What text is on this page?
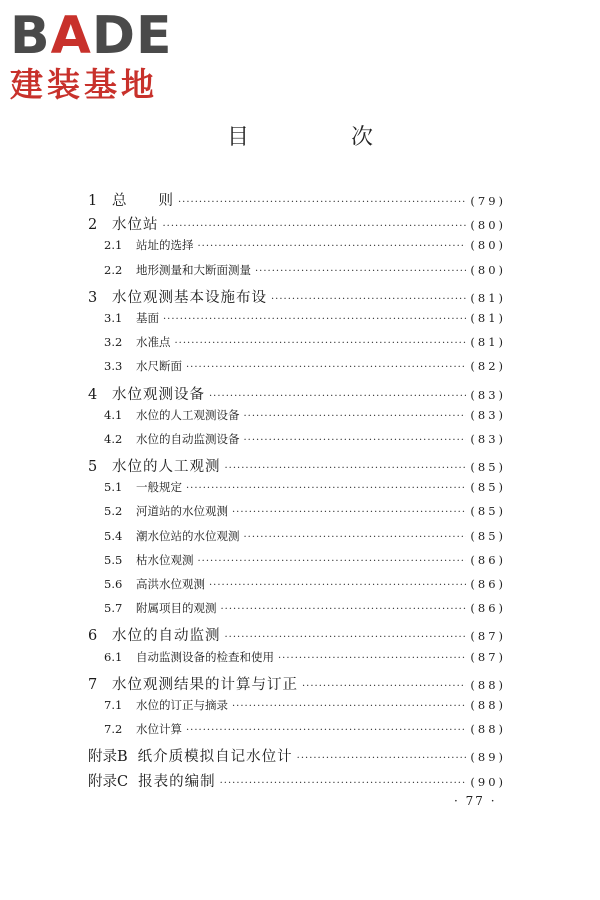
BADE
建装基地
目　次
1	总　　则 ·····	(79)
2	水位站 ·····	(80)
2.1	站址的选择 ·····	(80)
2.2	地形测量和大断面测量 ·····	(80)
3	水位观测基本设施布设 ·····	(81)
3.1	基面 ·····	(81)
3.2	水准点 ·····	(81)
3.3	水尺断面 ·····	(82)
4	水位观测设备 ·····	(83)
4.1	水位的人工观测设备 ·····	(83)
4.2	水位的自动监测设备 ·····	(83)
5	水位的人工观测 ·····	(85)
5.1	一般规定 ·····	(85)
5.2	河道站的水位观测 ·····	(85)
5.4	潮水位站的水位观测 ·····	(85)
5.5	枯水位观测 ·····	(86)
5.6	高洪水位观测 ·····	(86)
5.7	附属项目的观测 ·····	(86)
6	水位的自动监测 ·····	(87)
6.1	自动监测设备的检查和使用 ·····	(87)
7	水位观测结果的计算与订正 ·····	(88)
7.1	水位的订正与摘录 ·····	(88)
7.2	水位计算 ·····	(88)
附录B 纸介质模拟自记水位计 ·····	(89)
附录C 报表的编制 ·····	(90)
· 77 ·
